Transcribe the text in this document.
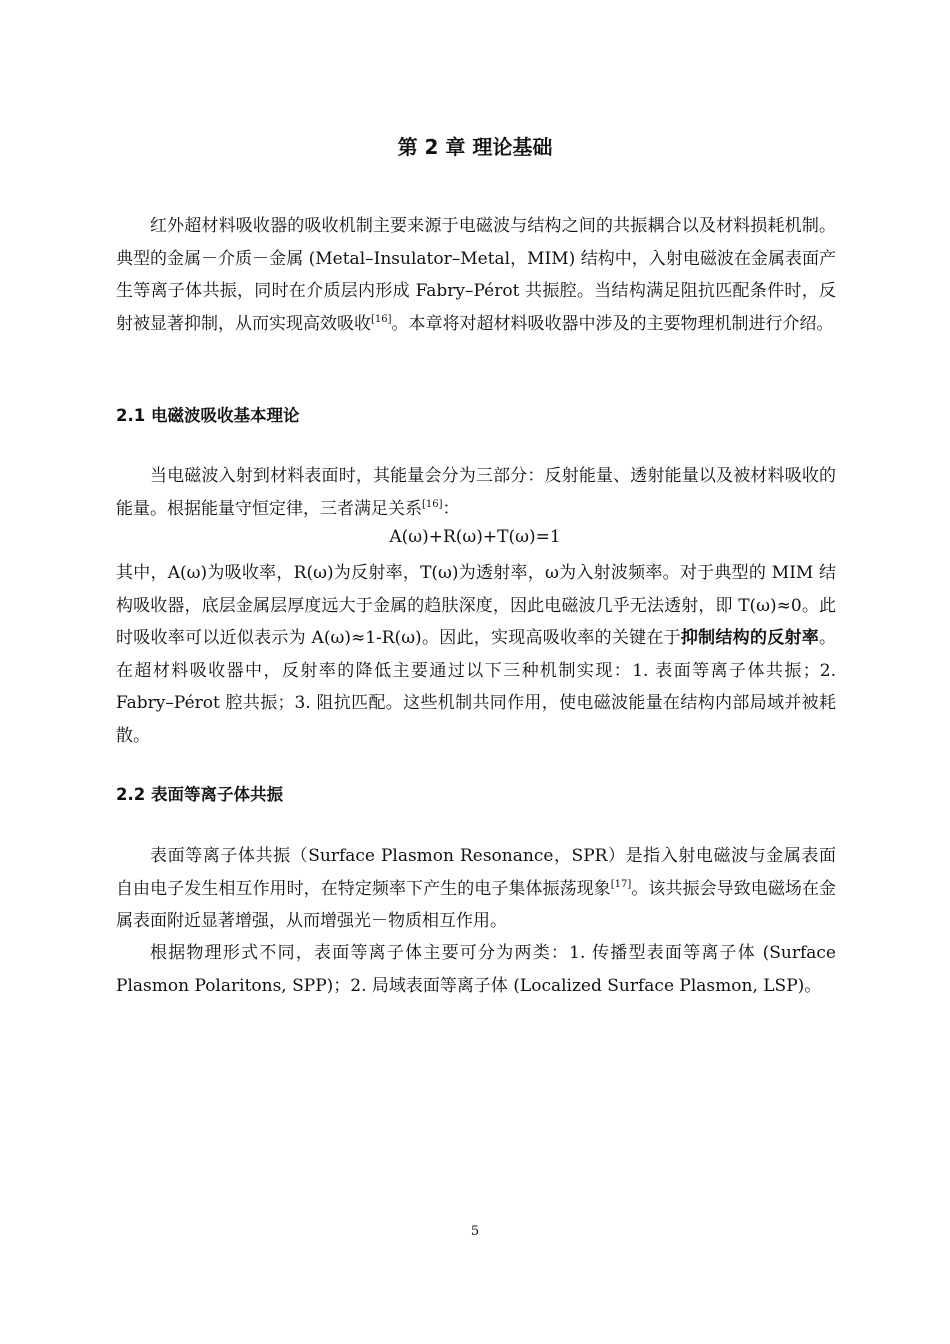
第 2 章 理论基础

红外超材料吸收器的吸收机制主要来源于电磁波与结构之间的共振耦合以及材料损耗机制。典型的金属－介质－金属 (Metal–Insulator–Metal，MIM) 结构中，入射电磁波在金属表面产生等离子体共振，同时在介质层内形成 Fabry–Pérot 共振腔。当结构满足阻抗匹配条件时，反射被显著抑制，从而实现高效吸收[16]。本章将对超材料吸收器中涉及的主要物理机制进行介绍。

2.1 电磁波吸收基本理论

当电磁波入射到材料表面时，其能量会分为三部分：反射能量、透射能量以及被材料吸收的能量。根据能量守恒定律，三者满足关系[16]：

A(ω)+R(ω)+T(ω)=1

其中，A(ω)为吸收率，R(ω)为反射率，T(ω)为透射率，ω为入射波频率。对于典型的 MIM 结构吸收器，底层金属层厚度远大于金属的趋肤深度，因此电磁波几乎无法透射，即 T(ω)≈0。此时吸收率可以近似表示为 A(ω)≈1-R(ω)。因此，实现高吸收率的关键在于抑制结构的反射率。在超材料吸收器中，反射率的降低主要通过以下三种机制实现：1. 表面等离子体共振；2. Fabry–Pérot 腔共振；3. 阻抗匹配。这些机制共同作用，使电磁波能量在结构内部局域并被耗散。

2.2 表面等离子体共振

表面等离子体共振（Surface Plasmon Resonance，SPR）是指入射电磁波与金属表面自由电子发生相互作用时，在特定频率下产生的电子集体振荡现象[17]。该共振会导致电磁场在金属表面附近显著增强，从而增强光－物质相互作用。

根据物理形式不同，表面等离子体主要可分为两类：1. 传播型表面等离子体 (Surface Plasmon Polaritons, SPP)；2. 局域表面等离子体 (Localized Surface Plasmon, LSP)。

5
